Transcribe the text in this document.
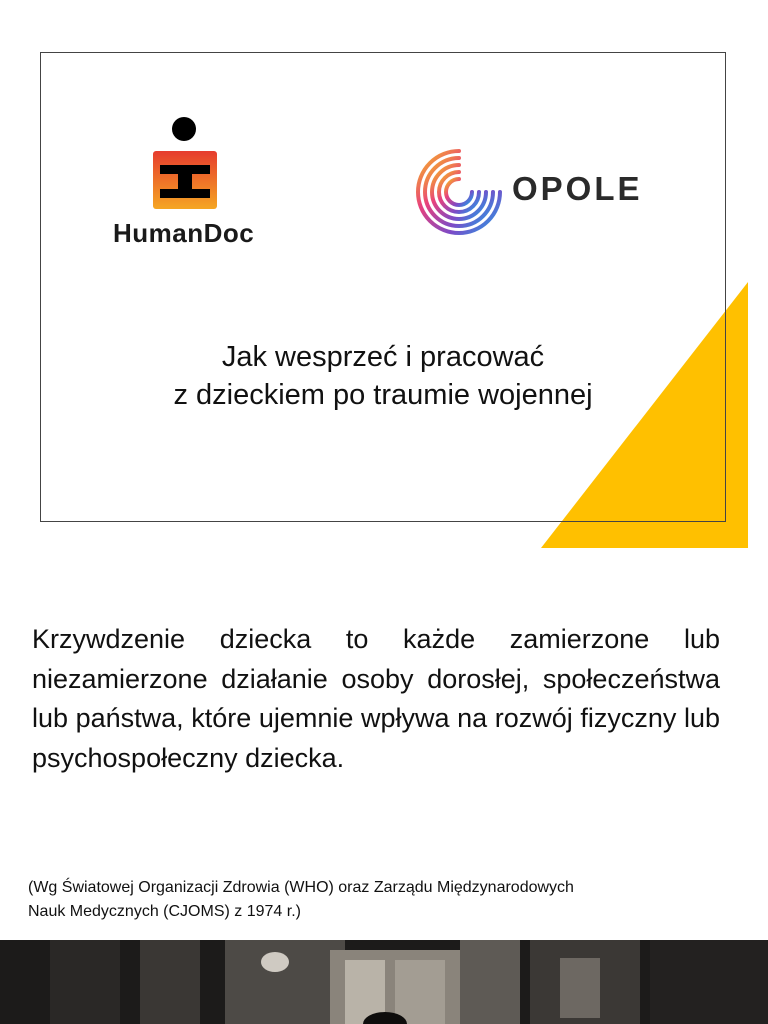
HumanDoc
OPOLE
Jak wesprzeć i pracować
z dzieckiem po traumie wojennej
Krzywdzenie dziecka to każde zamierzone lub niezamierzone działanie osoby dorosłej, społeczeństwa lub państwa, które ujemnie wpływa na rozwój fizyczny lub psychospołeczny dziecka.
(Wg Światowej Organizacji Zdrowia (WHO) oraz Zarządu Międzynarodowych
Nauk Medycznych (CJOMS) z 1974 r.)
